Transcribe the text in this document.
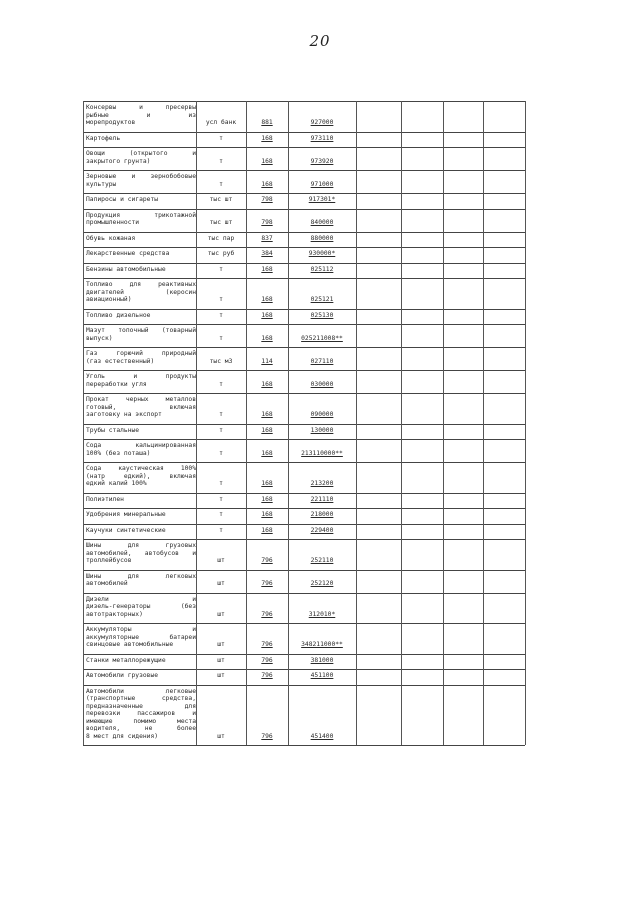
20
Консервы и пресервы
рыбные и из
морепродуктов	усл банк	881	927000
Картофель	т	168	973110
Овощи (открытого и
закрытого грунта)	т	168	973920
Зерновые и зернобобовые
культуры	т	168	971000
Папиросы и сигареты	тыс шт	798	917301*
Продукция трикотажной
промышленности	тыс шт	798	840000
Обувь кожаная	тыс пар	837	880000
Лекарственные средства	тыс руб	384	930000*
Бензины автомобильные	т	168	025112
Топливо для реактивных
двигателей (керосин
авиационный)	т	168	025121
Топливо дизельное	т	168	025130
Мазут топочный (товарный
выпуск)	т	168	025211008**
Газ горючий природный
(газ естественный)	тыс м3	114	027110
Уголь и продукты
переработки угля	т	168	030000
Прокат черных металлов
готовый, включая
заготовку на экспорт	т	168	090000
Трубы стальные	т	168	130000
Сода кальцинированная
100% (без поташа)	т	168	213110000**
Сода каустическая 100%
(натр едкий), включая
едкий калий 100%	т	168	213200
Полиэтилен	т	168	221110
Удобрения минеральные	т	168	218000
Каучуки синтетические	т	168	229400
Шины для грузовых
автомобилей, автобусов и
троллейбусов	шт	796	252110
Шины для легковых
автомобилей	шт	796	252120
Дизели и
дизель-генераторы (без
автотракторных)	шт	796	312010*
Аккумуляторы и
аккумуляторные батареи
свинцовые автомобильные	шт	796	348211000**
Станки металлорежущие	шт	796	381000
Автомобили грузовые	шт	796	451100
Автомобили легковые
(транспортные средства,
предназначенные для
перевозки пассажиров и
имеющие помимо места
водителя, не более
8 мест для сидения)	шт	796	451400
